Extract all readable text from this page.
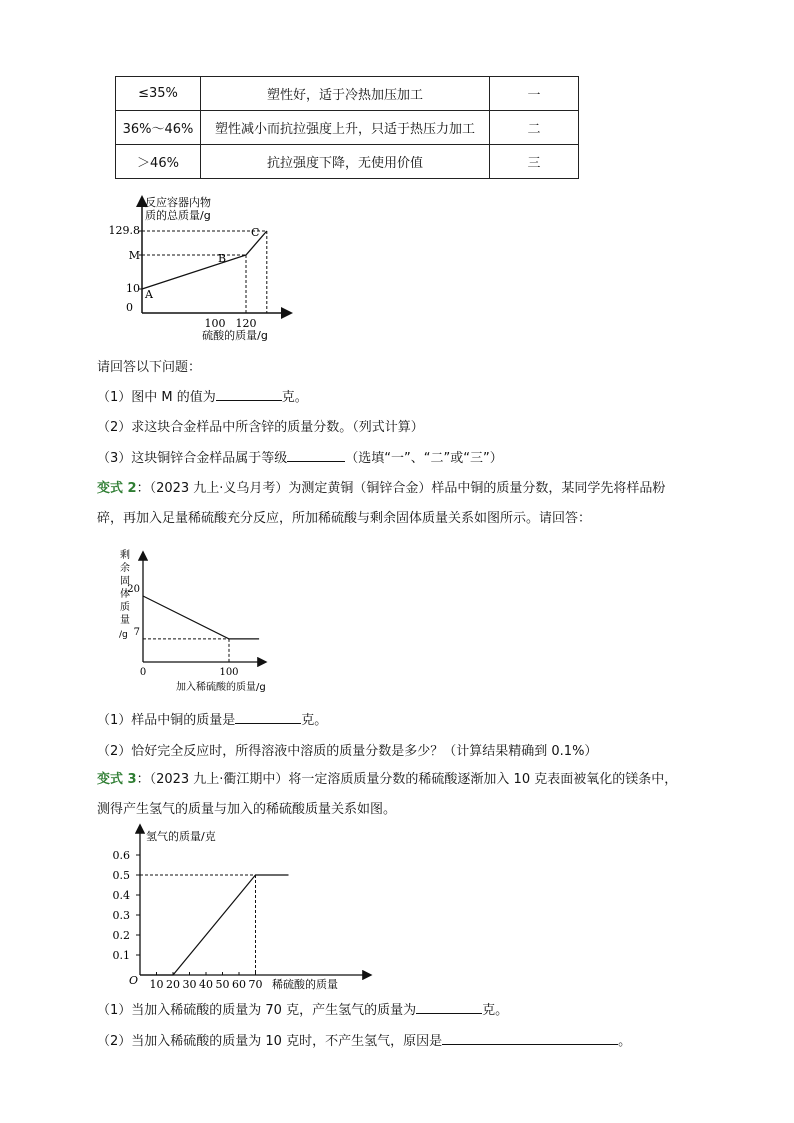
≤35%	塑性好，适于冷热加压加工	一
36%～46%	塑性减小而抗拉强度上升，只适于热压力加工	二
＞46%	抗拉强度下降，无使用价值	三
反应容器内物
质的总质量/g
0
10
M
129.8
100 120
A
B
C
硫酸的质量/g
请回答以下问题：
（1）图中 M 的值为	克。
（2）求这块合金样品中所含锌的质量分数。（列式计算）
（3）这块铜锌合金样品属于等级	（选填“一”、“二”或“三”）
变式 2：（2023 九上·义乌月考）为测定黄铜（铜锌合金）样品中铜的质量分数，某同学先将样品粉
碎，再加入足量稀硫酸充分反应，所加稀硫酸与剩余固体质量关系如图所示。请回答：
剩
余
固
体
质
量
/g
20
7
0	100
加入稀硫酸的质量/g
（1）样品中铜的质量是	克。
（2）恰好完全反应时，所得溶液中溶质的质量分数是多少？（计算结果精确到 0.1%）
变式 3：（2023 九上·衢江期中）将一定溶质质量分数的稀硫酸逐渐加入 10 克表面被氧化的镁条中，
测得产生氢气的质量与加入的稀硫酸质量关系如图。
0.1
0.2
0.3
0.4
0.5
0.6
10 20 30 40 50 60 70
氢气的质量/克
O	稀硫酸的质量
（1）当加入稀硫酸的质量为 70 克，产生氢气的质量为	克。
（2）当加入稀硫酸的质量为 10 克时，不产生氢气，原因是	。
